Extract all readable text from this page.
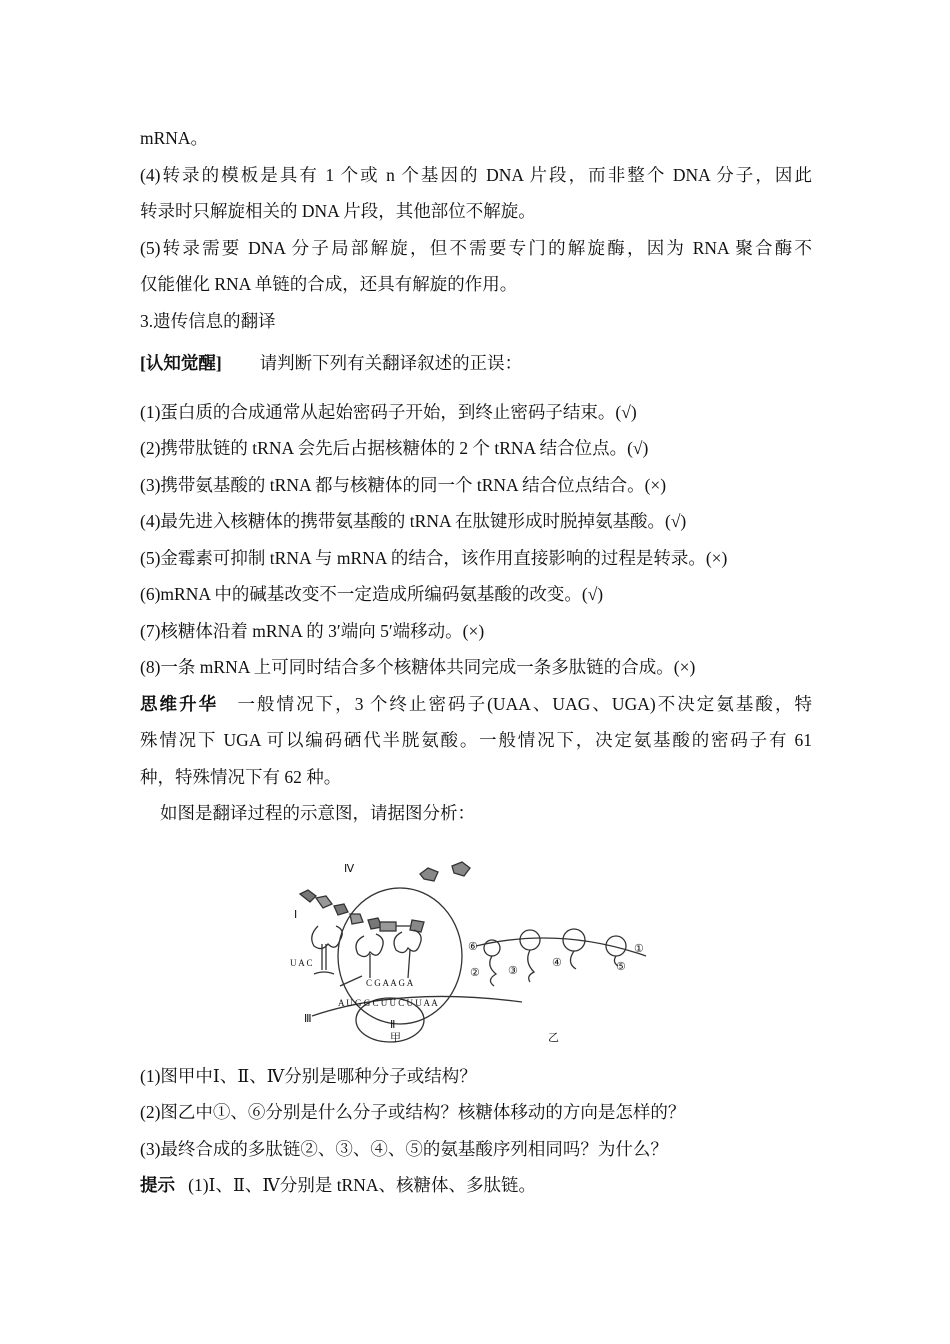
mRNA。

(4)转录的模板是具有 1 个或 n 个基因的 DNA 片段，而非整个 DNA 分子，因此

转录时只解旋相关的 DNA 片段，其他部位不解旋。

(5)转录需要 DNA 分子局部解旋，但不需要专门的解旋酶，因为 RNA 聚合酶不

仅能催化 RNA 单链的合成，还具有解旋的作用。

3.遗传信息的翻译

[认知觉醒] 请判断下列有关翻译叙述的正误：

(1)蛋白质的合成通常从起始密码子开始，到终止密码子结束。(√)

(2)携带肽链的 tRNA 会先后占据核糖体的 2 个 tRNA 结合位点。(√)

(3)携带氨基酸的 tRNA 都与核糖体的同一个 tRNA 结合位点结合。(×)

(4)最先进入核糖体的携带氨基酸的 tRNA 在肽键形成时脱掉氨基酸。(√)

(5)金霉素可抑制 tRNA 与 mRNA 的结合，该作用直接影响的过程是转录。(×)

(6)mRNA 中的碱基改变不一定造成所编码氨基酸的改变。(√)

(7)核糖体沿着 mRNA 的 3′端向 5′端移动。(×)

(8)一条 mRNA 上可同时结合多个核糖体共同完成一条多肽链的合成。(×)

思维升华 一般情况下，3 个终止密码子(UAA、UAG、UGA)不决定氨基酸，特

殊情况下 UGA 可以编码硒代半胱氨酸。一般情况下，决定氨基酸的密码子有 61

种，特殊情况下有 62 种。

如图是翻译过程的示意图，请据图分析：

Ⅳ
Ⅰ
Ⅱ
Ⅲ
U A C
C G A A G A
A U G G C U U C U U A A
甲	乙
①
②	③
④	⑤
⑥

(1)图甲中Ⅰ、Ⅱ、Ⅳ分别是哪种分子或结构？

(2)图乙中①、⑥分别是什么分子或结构？核糖体移动的方向是怎样的？

(3)最终合成的多肽链②、③、④、⑤的氨基酸序列相同吗？为什么？

提示 (1)Ⅰ、Ⅱ、Ⅳ分别是 tRNA、核糖体、多肽链。
